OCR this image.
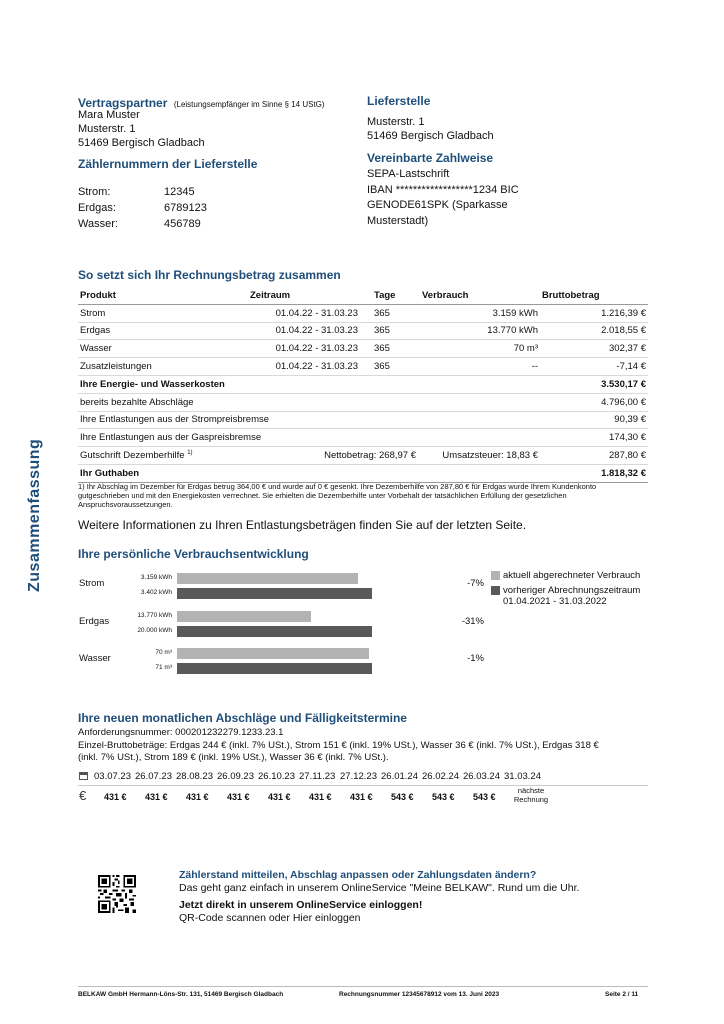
Zusammenfassung
Vertragspartner (Leistungsempfänger im Sinne § 14 UStG)
Mara Muster
Musterstr. 1
51469 Bergisch Gladbach
Zählernummern der Lieferstelle
Strom:	12345
Erdgas:	6789123
Wasser:	456789
Lieferstelle
Musterstr. 1
51469 Bergisch Gladbach
Vereinbarte Zahlweise
SEPA-Lastschrift
IBAN ******************1234 BIC
GENODE61SPK (Sparkasse
Musterstadt)
So setzt sich Ihr Rechnungsbetrag zusammen
Produkt	Zeitraum	Tage	Verbrauch	Bruttobetrag
Strom	01.04.22 - 31.03.23	365	3.159 kWh	1.216,39 €
Erdgas	01.04.22 - 31.03.23	365	13.770 kWh	2.018,55 €
Wasser	01.04.22 - 31.03.23	365	70 m³	302,37 €
Zusatzleistungen	01.04.22 - 31.03.23	365	--	-7,14 €
Ihre Energie- und Wasserkosten				3.530,17 €
bereits bezahlte Abschläge				4.796,00 €
Ihre Entlastungen aus der Strompreisbremse				90,39 €
Ihre Entlastungen aus der Gaspreisbremse				174,30 €
Gutschrift Dezemberhilfe $^{1)}$	Nettobetrag: 268,97 €		Umsatzsteuer: 18,83 €	287,80 €
Ihr Guthaben				1.818,32 €
1) Ihr Abschlag im Dezember für Erdgas betrug 364,00 € und wurde auf 0 € gesenkt. Ihre Dezemberhilfe von 287,80 € für Erdgas wurde Ihrem Kundenkonto gutgeschrieben und mit den Energiekosten verrechnet. Sie erhielten die Dezemberhilfe unter Vorbehalt der tatsächlichen Erfüllung der gesetzlichen Anspruchsvoraussetzungen.
Weitere Informationen zu Ihren Entlastungsbeträgen finden Sie auf der letzten Seite.
Ihre persönliche Verbrauchsentwicklung
Strom
3.159 kWh
3.402 kWh
-7%
Erdgas
13.770 kWh
20.000 kWh
-31%
Wasser
70 m³
71 m³
-1%
aktuell abgerechneter Verbrauch
vorheriger Abrechnungszeitraum
01.04.2021 - 31.03.2022
Ihre neuen monatlichen Abschläge und Fälligkeitstermine
Anforderungsnummer: 000201232279.1233.23.1
Einzel-Bruttobeträge: Erdgas 244 € (inkl. 7% USt.), Strom 151 € (inkl. 19% USt.), Wasser 36 € (inkl. 7% USt.), Erdgas 318 €
(inkl. 7% USt.), Strom 189 € (inkl. 19% USt.), Wasser 36 € (inkl. 7% USt.).
03.07.23 26.07.23 28.08.23 26.09.23 26.10.23 27.11.23 27.12.23 26.01.24 26.02.24 26.03.24 31.03.24
€ 431 € 431 € 431 € 431 € 431 € 431 € 431 € 543 € 543 € 543 €
nächste
Rechnung
Zählerstand mitteilen, Abschlag anpassen oder Zahlungsdaten ändern?
Das geht ganz einfach in unserem OnlineService "Meine BELKAW". Rund um die Uhr.
Jetzt direkt in unserem OnlineService einloggen!
QR-Code scannen oder Hier einloggen
BELKAW GmbH Hermann-Löns-Str. 131, 51469 Bergisch Gladbach	Rechnungsnummer 12345678912 vom 13. Juni 2023	Seite 2 / 11
